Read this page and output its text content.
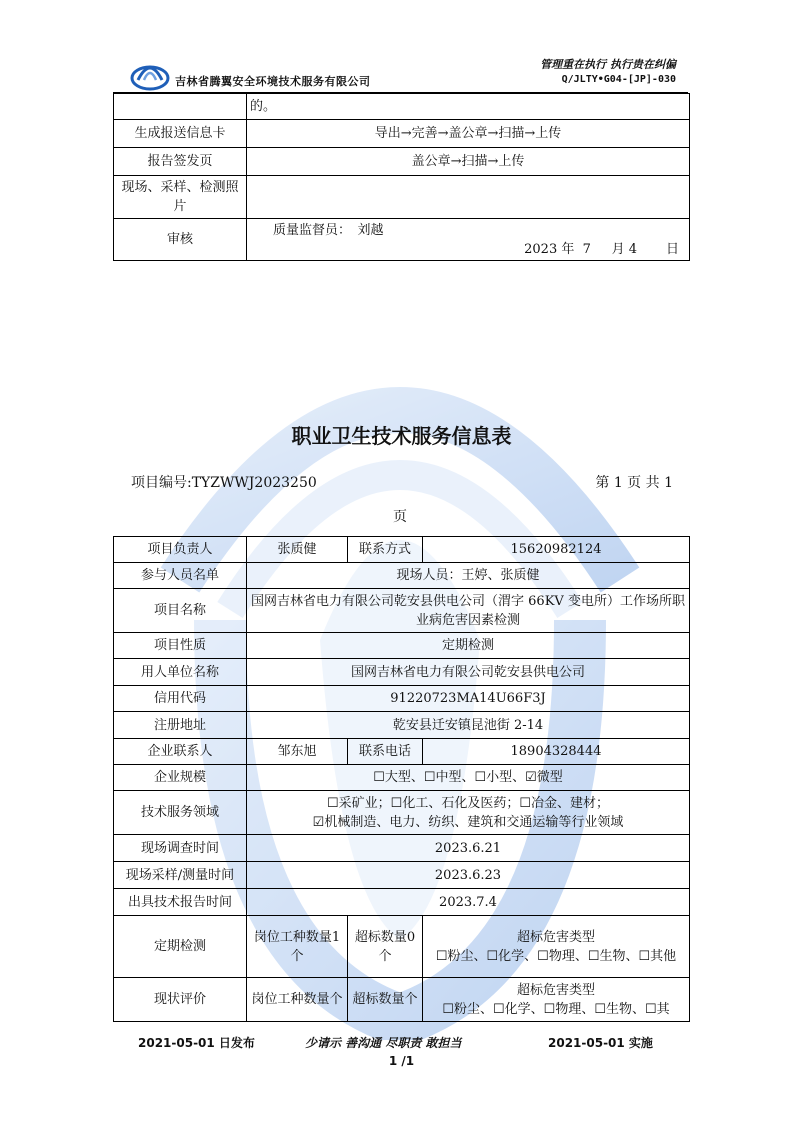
吉林省腾翼安全环境技术服务有限公司
管理重在执行 执行贵在纠偏
Q/JLTY•G04-[JP]-030
	的。
生成报送信息卡	导出→完善→盖公章→扫描→上传
报告签发页	盖公章→扫描→上传
现场、采样、检测照片	
审核	质量监督员：　刘越
2023 年 7 月 4 日
职业卫生技术服务信息表
项目编号:TYZWWJ2023250	第 1 页 共 1
页
项目负责人	张质健	联系方式	15620982124
参与人员名单	现场人员：王婷、张质健		
项目名称	国网吉林省电力有限公司乾安县供电公司（渭字 66KV 变电所）工作场所职业病危害因素检测		
项目性质	定期检测		
用人单位名称	国网吉林省电力有限公司乾安县供电公司		
信用代码	91220723MA14U66F3J		
注册地址	乾安县迁安镇昆池街 2-14		
企业联系人	邹东旭	联系电话	18904328444
企业规模	☐大型、☐中型、☐小型、☑微型		
技术服务领域	☐采矿业；☐化工、石化及医药；☐冶金、建材；
☑机械制造、电力、纺织、建筑和交通运输等行业领域		

现场调查时间	2023.6.21		
现场采样/测量时间	2023.6.23		
出具技术报告时间	2023.7.4		
定期检测	岗位工种数量1个	超标数量0个	超标危害类型
☐粉尘、☐化学、☐物理、☐生物、☐其他

现状评价	岗位工种数量个	超标数量个	超标危害类型
☐粉尘、☐化学、☐物理、☐生物、☐其
2021-05-01 日发布	少请示 善沟通 尽职责 敢担当	2021-05-01 实施
1 /1
